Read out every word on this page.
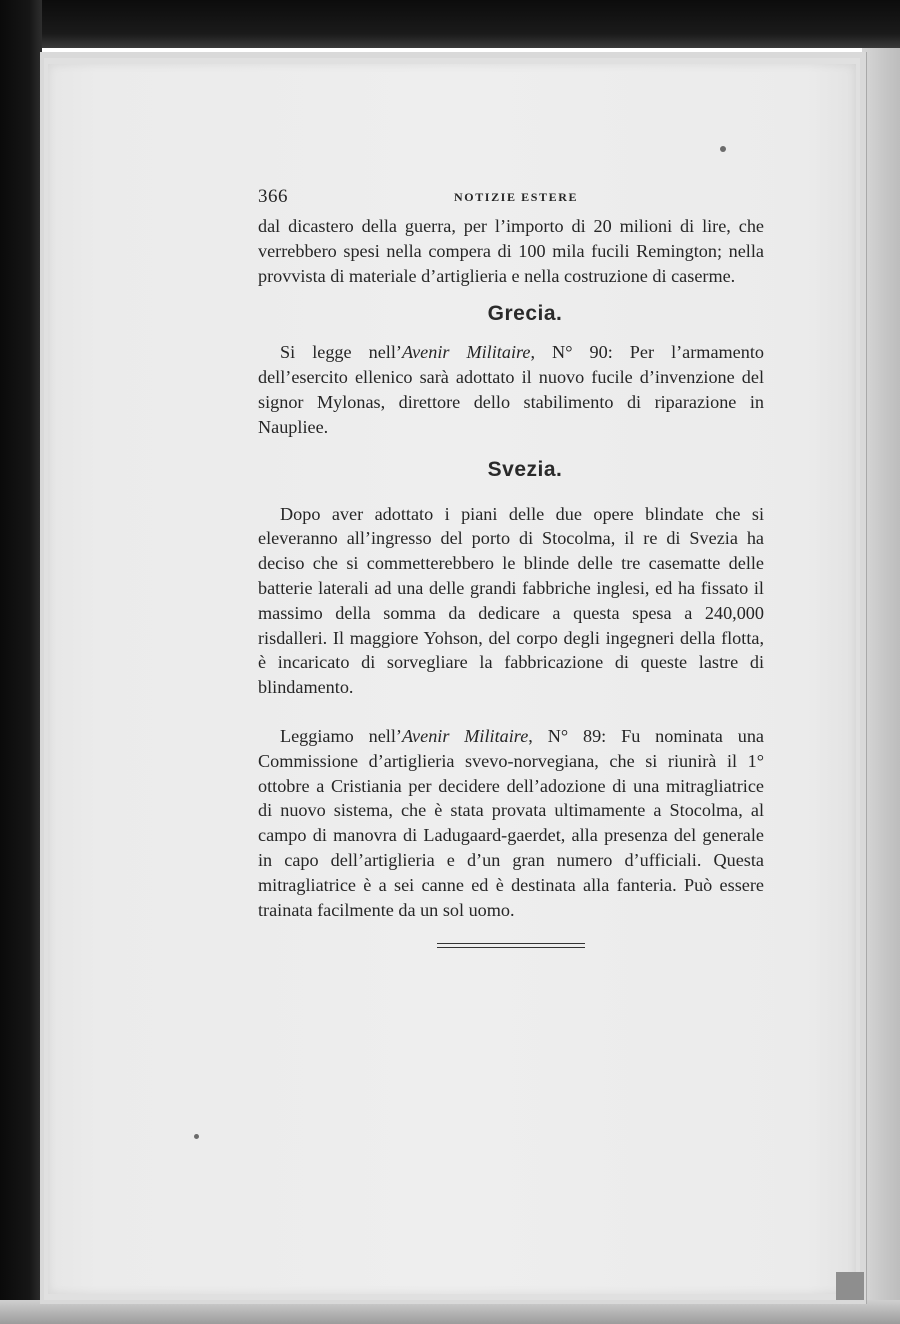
366	NOTIZIE ESTERE

dal dicastero della guerra, per l’importo di 20 milioni di lire, che verrebbero spesi nella compera di 100 mila fucili Remington; nella provvista di materiale d’artiglieria e nella costruzione di caserme.

Grecia.

Si legge nell’Avenir Militaire, N° 90: Per l’armamento dell’esercito ellenico sarà adottato il nuovo fucile d’invenzione del signor Mylonas, direttore dello stabilimento di riparazione in Naupliee.

Svezia.

Dopo aver adottato i piani delle due opere blindate che si eleveranno all’ingresso del porto di Stocolma, il re di Svezia ha deciso che si commetterebbero le blinde delle tre casematte delle batterie laterali ad una delle grandi fabbriche inglesi, ed ha fissato il massimo della somma da dedicare a questa spesa a 240,000 risdalleri. Il maggiore Yohson, del corpo degli ingegneri della flotta, è incaricato di sorvegliare la fabbricazione di queste lastre di blindamento.

Leggiamo nell’Avenir Militaire, N° 89: Fu nominata una Commissione d’artiglieria svevo-norvegiana, che si riunirà il 1° ottobre a Cristiania per decidere dell’adozione di una mitragliatrice di nuovo sistema, che è stata provata ultimamente a Stocolma, al campo di manovra di Ladugaard-gaerdet, alla presenza del generale in capo dell’artiglieria e d’un gran numero d’ufficiali. Questa mitragliatrice è a sei canne ed è destinata alla fanteria. Può essere trainata facilmente da un sol uomo.
